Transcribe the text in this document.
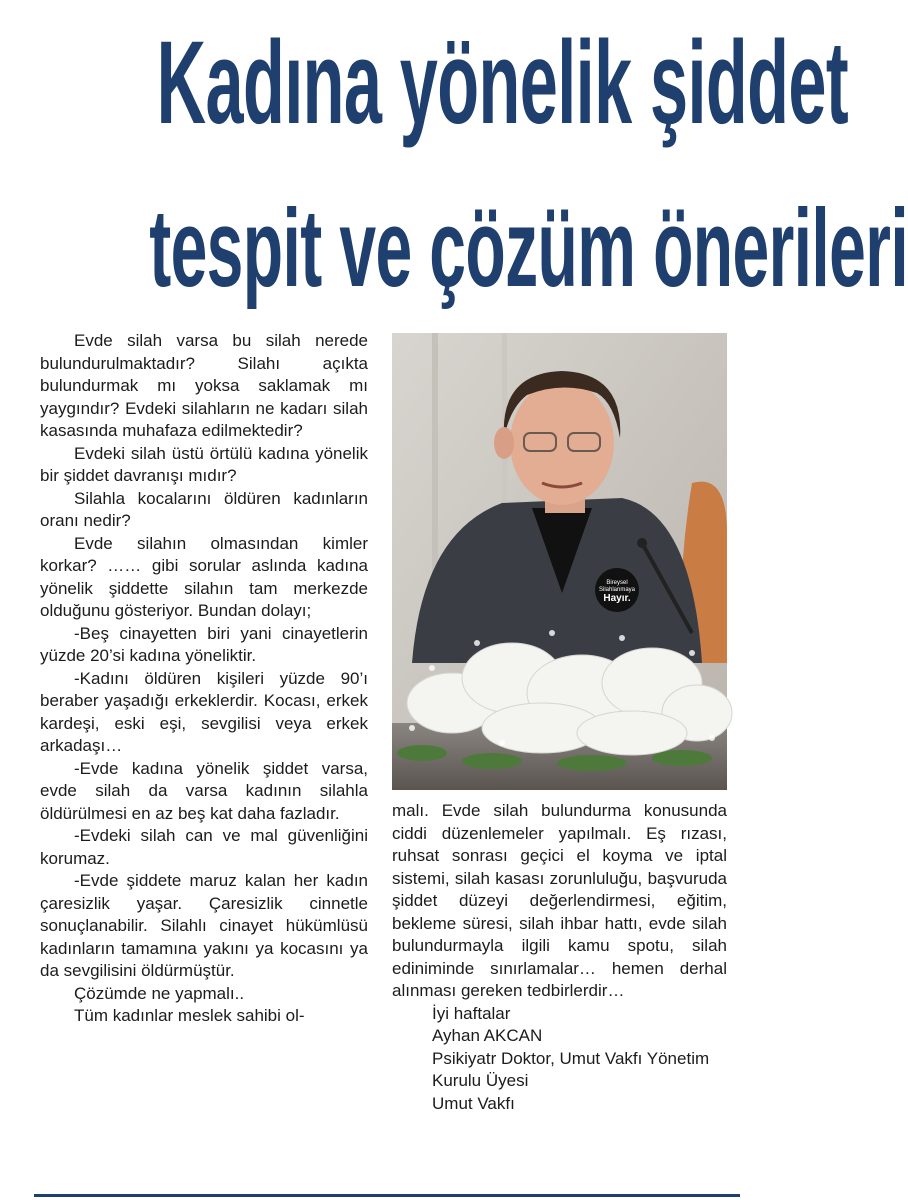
Kadına yönelik şiddet
tespit ve çözüm önerileri

Evde silah varsa bu silah nerede bulundurulmaktadır? Silahı açıkta bulundurmak mı yoksa saklamak mı yaygındır? Evdeki silahların ne kadarı silah kasasında muhafaza edilmektedir?

Evdeki silah üstü örtülü kadına yönelik bir şiddet davranışı mıdır?

Silahla kocalarını öldüren kadınların oranı nedir?

Evde silahın olmasından kimler korkar? …… gibi sorular aslında kadına yönelik şiddette silahın tam merkezde olduğunu gösteriyor. Bundan dolayı;

-Beş cinayetten biri yani cinayetlerin yüzde 20’si kadına yöneliktir.

-Kadını öldüren kişileri yüzde 90’ı beraber yaşadığı erkeklerdir. Kocası, erkek kardeşi, eski eşi, sevgilisi veya erkek arkadaşı…

-Evde kadına yönelik şiddet varsa, evde silah da varsa kadının silahla öldürülmesi en az beş kat daha fazladır.

-Evdeki silah can ve mal güvenliğini korumaz.

-Evde şiddete maruz kalan her kadın çaresizlik yaşar. Çaresizlik cinnetle sonuçlanabilir. Silahlı cinayet hükümlüsü kadınların tamamına yakını ya kocasını ya da sevgilisini öldürmüştür.

Çözümde ne yapmalı..

Tüm kadınlar meslek sahibi ol-

Bireysel
Silahlanmaya
Hayır.

malı. Evde silah bulundurma konusunda ciddi düzenlemeler yapılmalı. Eş rızası, ruhsat sonrası geçici el koyma ve iptal sistemi, silah kasası zorunluluğu, başvuruda şiddet düzeyi değerlendirmesi, eğitim, bekleme süresi, silah ihbar hattı, evde silah bulundurmayla ilgili kamu spotu, silah ediniminde sınırlamalar… hemen derhal alınması gereken tedbirlerdir…

İyi haftalar

Ayhan AKCAN

Psikiyatr Doktor, Umut Vakfı Yönetim Kurulu Üyesi

Umut Vakfı
